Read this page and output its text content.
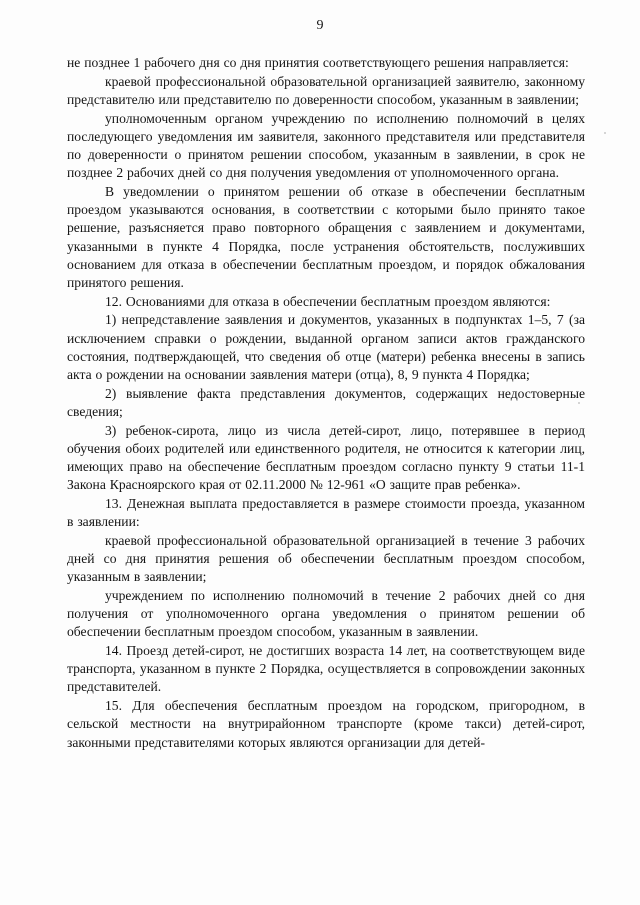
9

не позднее 1 рабочего дня со дня принятия соответствующего решения направляется:

краевой профессиональной образовательной организацией заявителю, законному представителю или представителю по доверенности способом, указанным в заявлении;

уполномоченным органом учреждению по исполнению полномочий в целях последующего уведомления им заявителя, законного представителя или представителя по доверенности о принятом решении способом, указанным в заявлении, в срок не позднее 2 рабочих дней со дня получения уведомления от уполномоченного органа.

В уведомлении о принятом решении об отказе в обеспечении бесплатным проездом указываются основания, в соответствии с которыми было принято такое решение, разъясняется право повторного обращения с заявлением и документами, указанными в пункте 4 Порядка, после устранения обстоятельств, послуживших основанием для отказа в обеспечении бесплатным проездом, и порядок обжалования принятого решения.

12. Основаниями для отказа в обеспечении бесплатным проездом являются:

1) непредставление заявления и документов, указанных в подпунктах 1–5, 7 (за исключением справки о рождении, выданной органом записи актов гражданского состояния, подтверждающей, что сведения об отце (матери) ребенка внесены в запись акта о рождении на основании заявления матери (отца), 8, 9 пункта 4 Порядка;

2) выявление факта представления документов, содержащих недостоверные сведения;

3) ребенок-сирота, лицо из числа детей-сирот, лицо, потерявшее в период обучения обоих родителей или единственного родителя, не относится к категории лиц, имеющих право на обеспечение бесплатным проездом согласно пункту 9 статьи 11-1 Закона Красноярского края от 02.11.2000 № 12-961 «О защите прав ребенка».

13. Денежная выплата предоставляется в размере стоимости проезда, указанном в заявлении:

краевой профессиональной образовательной организацией в течение 3 рабочих дней со дня принятия решения об обеспечении бесплатным проездом способом, указанным в заявлении;

учреждением по исполнению полномочий в течение 2 рабочих дней со дня получения от уполномоченного органа уведомления о принятом решении об обеспечении бесплатным проездом способом, указанным в заявлении.

14. Проезд детей-сирот, не достигших возраста 14 лет, на соответствующем виде транспорта, указанном в пункте 2 Порядка, осуществляется в сопровождении законных представителей.

15. Для обеспечения бесплатным проездом на городском, пригородном, в сельской местности на внутрирайонном транспорте (кроме такси) детей-сирот, законными представителями которых являются организации для детей-
